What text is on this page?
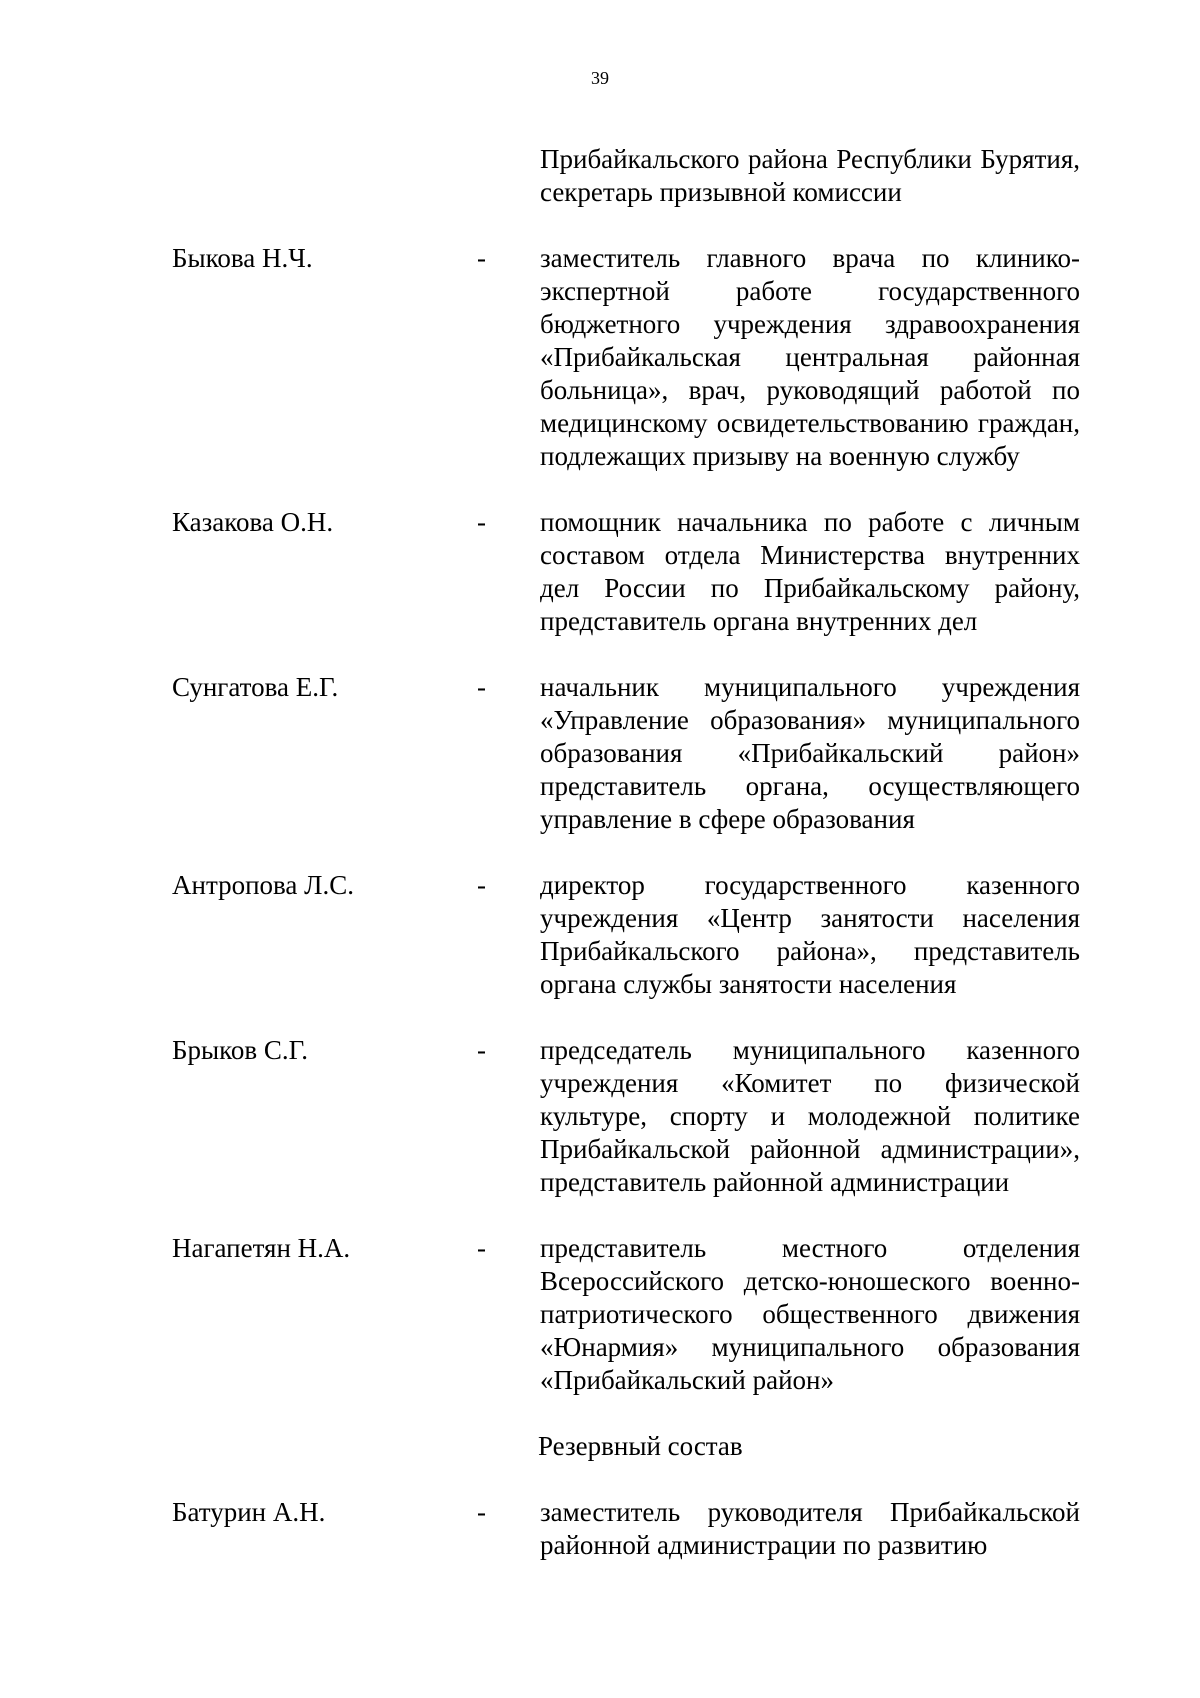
39
Прибайкальского района Республики Бурятия, секретарь призывной комиссии
Быкова Н.Ч.	-	заместитель главного врача по клинико-экспертной работе государственного бюджетного учреждения здравоохранения «Прибайкальская центральная районная больница», врач, руководящий работой по медицинскому освидетельствованию граждан, подлежащих призыву на военную службу
Казакова О.Н.	-	помощник начальника по работе с личным составом отдела Министерства внутренних дел России по Прибайкальскому району, представитель органа внутренних дел
Сунгатова Е.Г.	-	начальник муниципального учреждения «Управление образования» муниципального образования «Прибайкальский район» представитель органа, осуществляющего управление в сфере образования
Антропова Л.С.	-	директор государственного казенного учреждения «Центр занятости населения Прибайкальского района», представитель органа службы занятости населения
Брыков С.Г.	-	председатель муниципального казенного учреждения «Комитет по физической культуре, спорту и молодежной политике Прибайкальской районной администрации», представитель районной администрации
Нагапетян Н.А.	-	представитель местного отделения Всероссийского детско-юношеского военно-патриотического общественного движения «Юнармия» муниципального образования «Прибайкальский район»
Резервный состав
Батурин А.Н.	-	заместитель руководителя Прибайкальской районной администрации по развитию
